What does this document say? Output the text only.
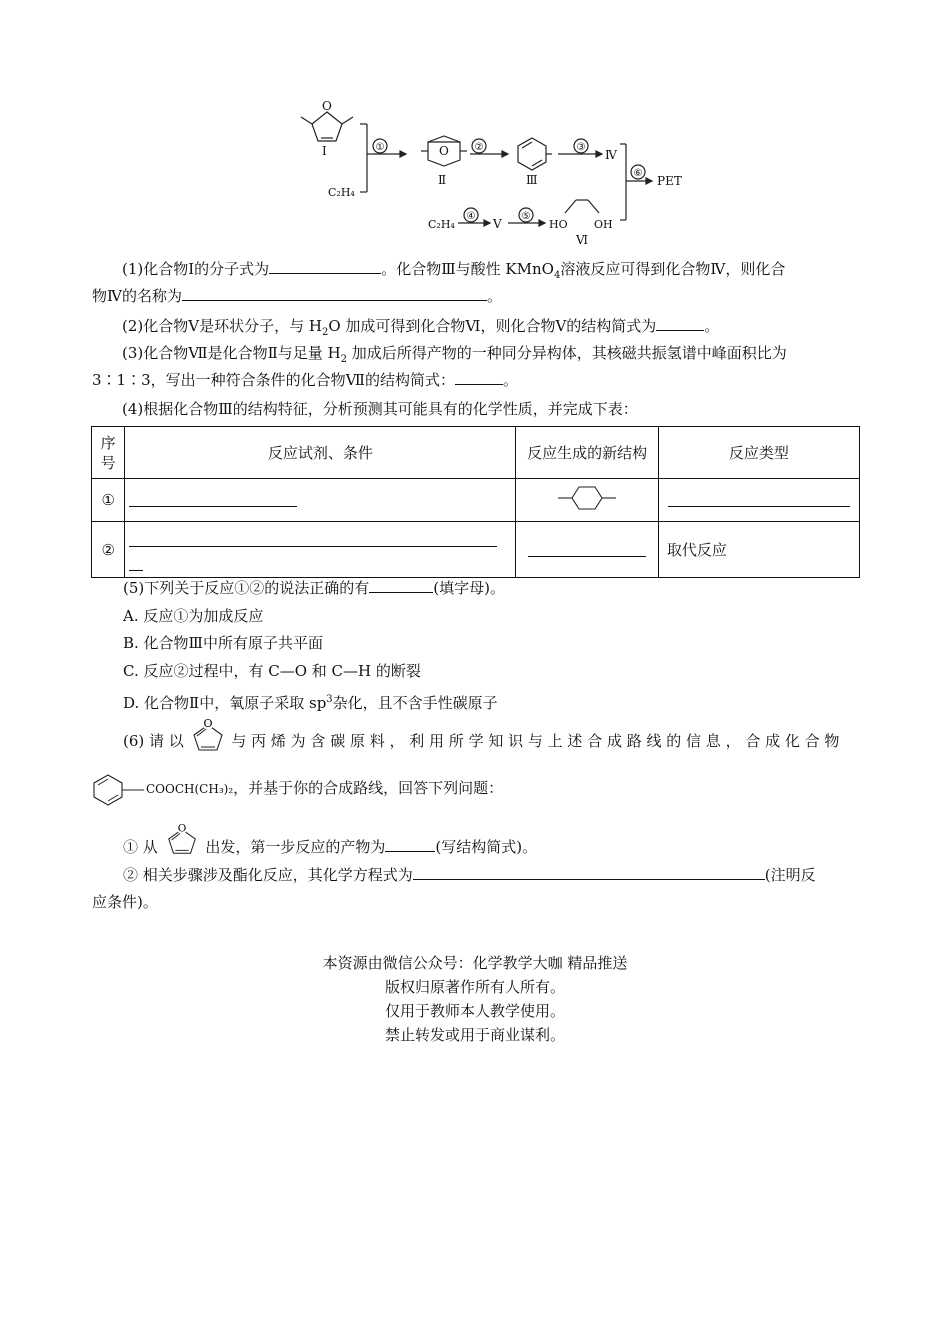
O
Ⅰ
C₂H₄
O
Ⅱ	Ⅲ
Ⅳ
PET
C₂H₄	Ⅴ	HO OH
Ⅵ
①	②	③
⑥
④	⑤
(1)化合物Ⅰ的分子式为	。化合物Ⅲ与酸性 KMnO$_4$溶液反应可得到化合物Ⅳ，则化合
物Ⅳ的名称为	。
(2)化合物Ⅴ是环状分子，与 $H_2O$ 加成可得到化合物Ⅵ，则化合物Ⅴ的结构简式为	。
(3)化合物Ⅶ是化合物Ⅱ与足量 $H_2$ 加成后所得产物的一种同分异构体，其核磁共振氢谱中峰面积比为
3∶1∶3，写出一种符合条件的化合物Ⅶ的结构简式：	。
(4)根据化合物Ⅲ的结构特征，分析预测其可能具有的化学性质，并完成下表：
序号	反应试剂、条件	反应生成的新结构	反应类型
①			
②			取代反应
(5)下列关于反应①②的说法正确的有	(填字母)。
A. 反应①为加成反应
B. 化合物Ⅲ中所有原子共平面
C. 反应②过程中，有 C—O 和 C—H 的断裂
D. 化合物Ⅱ中，氧原子采取 $sp^3$杂化，且不含手性碳原子
(6) 请 以
O
与 丙 烯 为 含 碳 原 料 ， 利 用 所 学 知 识 与 上 述 合 成 路 线 的 信 息 ， 合 成 化 合 物
COOCH(CH₃)₂，并基于你的合成路线，回答下列问题：
① 从
O
出发，第一步反应的产物为	(写结构简式)。
② 相关步骤涉及酯化反应，其化学方程式为	(注明反
应条件)。
本资源由微信公众号：化学教学大咖 精品推送
版权归原著作所有人所有。
仅用于教师本人教学使用。
禁止转发或用于商业谋利。
